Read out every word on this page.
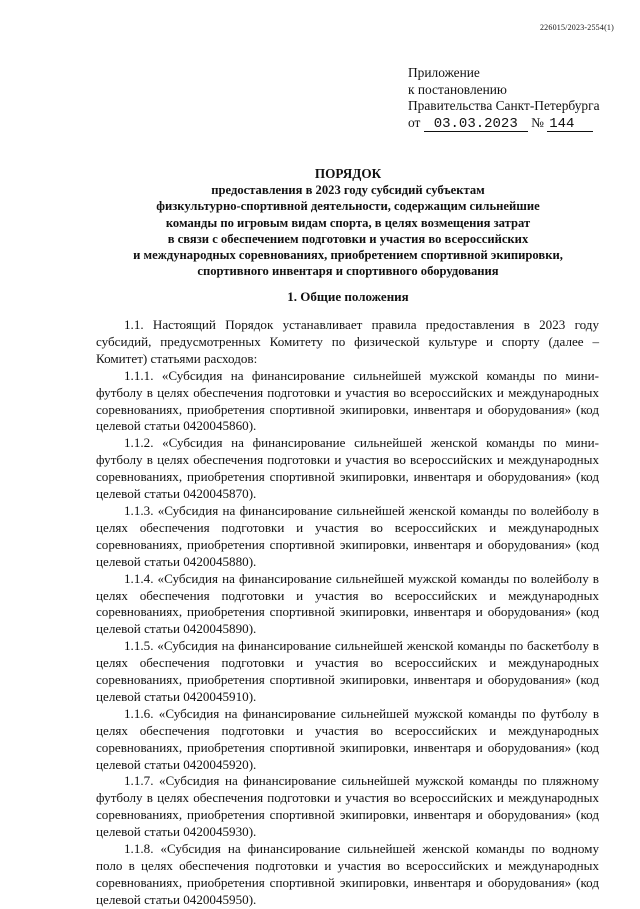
226015/2023-2554(1)
Приложение
к постановлению
Правительства Санкт-Петербурга
от 03.03.2023 № 144
ПОРЯДОК
предоставления в 2023 году субсидий субъектам
физкультурно-спортивной деятельности, содержащим сильнейшие
команды по игровым видам спорта, в целях возмещения затрат
в связи с обеспечением подготовки и участия во всероссийских
и международных соревнованиях, приобретением спортивной экипировки,
спортивного инвентаря и спортивного оборудования
1. Общие положения

1.1. Настоящий Порядок устанавливает правила предоставления в 2023 году субсидий, предусмотренных Комитету по физической культуре и спорту (далее – Комитет) статьями расходов:

1.1.1. «Субсидия на финансирование сильнейшей мужской команды по мини-футболу в целях обеспечения подготовки и участия во всероссийских и международных соревнованиях, приобретения спортивной экипировки, инвентаря и оборудования» (код целевой статьи 0420045860).

1.1.2. «Субсидия на финансирование сильнейшей женской команды по мини-футболу в целях обеспечения подготовки и участия во всероссийских и международных соревнованиях, приобретения спортивной экипировки, инвентаря и оборудования» (код целевой статьи 0420045870).

1.1.3. «Субсидия на финансирование сильнейшей женской команды по волейболу в целях обеспечения подготовки и участия во всероссийских и международных соревнованиях, приобретения спортивной экипировки, инвентаря и оборудования» (код целевой статьи 0420045880).

1.1.4. «Субсидия на финансирование сильнейшей мужской команды по волейболу в целях обеспечения подготовки и участия во всероссийских и международных соревнованиях, приобретения спортивной экипировки, инвентаря и оборудования» (код целевой статьи 0420045890).

1.1.5. «Субсидия на финансирование сильнейшей женской команды по баскетболу в целях обеспечения подготовки и участия во всероссийских и международных соревнованиях, приобретения спортивной экипировки, инвентаря и оборудования» (код целевой статьи 0420045910).

1.1.6. «Субсидия на финансирование сильнейшей мужской команды по футболу в целях обеспечения подготовки и участия во всероссийских и международных соревнованиях, приобретения спортивной экипировки, инвентаря и оборудования» (код целевой статьи 0420045920).

1.1.7. «Субсидия на финансирование сильнейшей мужской команды по пляжному футболу в целях обеспечения подготовки и участия во всероссийских и международных соревнованиях, приобретения спортивной экипировки, инвентаря и оборудования» (код целевой статьи 0420045930).

1.1.8. «Субсидия на финансирование сильнейшей женской команды по водному поло в целях обеспечения подготовки и участия во всероссийских и международных соревнованиях, приобретения спортивной экипировки, инвентаря и оборудования» (код целевой статьи 0420045950).
